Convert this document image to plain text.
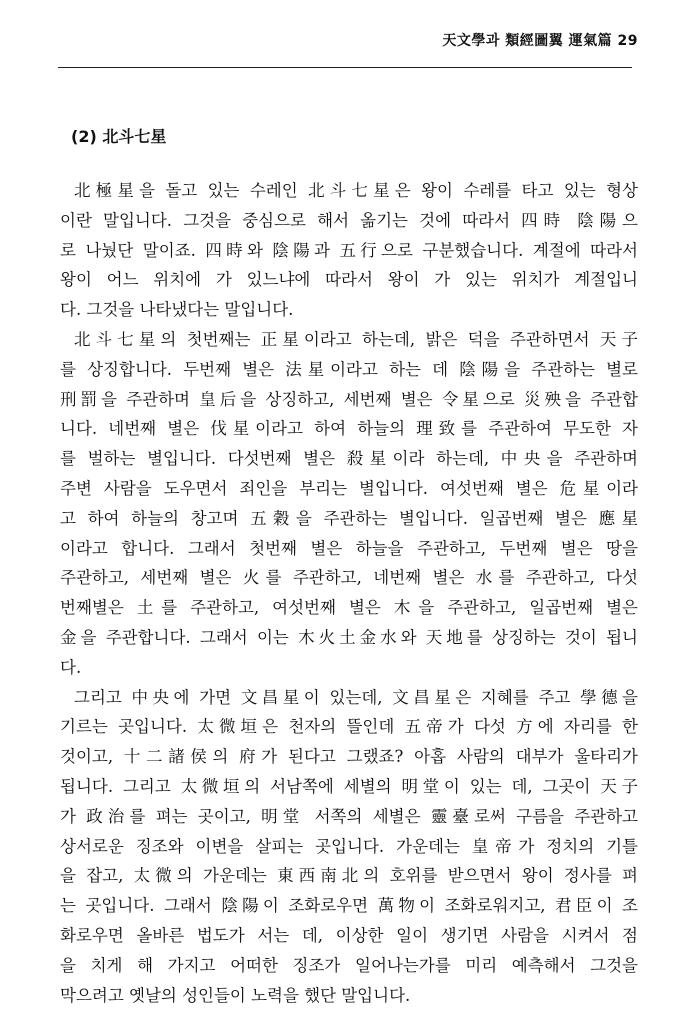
天文學과 類經圖翼 運氣篇 29
(2) 北斗七星
北極星을 돌고 있는 수레인 北斗七星은 왕이 수레를 타고 있는 형상
이란 말입니다. 그것을 중심으로 해서 옮기는 것에 따라서 四時 陰陽으
로 나눴단 말이죠. 四時와 陰陽과 五行으로 구분했습니다. 계절에 따라서
왕이 어느 위치에 가 있느냐에 따라서 왕이 가 있는 위치가 계절입니
다. 그것을 나타냈다는 말입니다.
北斗七星의 첫번째는 正星이라고 하는데, 밝은 덕을 주관하면서 天子
를 상징합니다. 두번째 별은 法星이라고 하는 데 陰陽을 주관하는 별로
刑罰을 주관하며 皇后을 상징하고, 세번째 별은 令星으로 災殃을 주관합
니다. 네번째 별은 伐星이라고 하여 하늘의 理致를 주관하여 무도한 자
를 벌하는 별입니다. 다섯번째 별은 殺星이라 하는데, 中央을 주관하며
주변 사람을 도우면서 죄인을 부리는 별입니다. 여섯번째 별은 危星이라
고 하여 하늘의 창고며 五穀을 주관하는 별입니다. 일곱번째 별은 應星
이라고 합니다. 그래서 첫번째 별은 하늘을 주관하고, 두번째 별은 땅을
주관하고, 세번째 별은 火를 주관하고, 네번째 별은 水를 주관하고, 다섯
번째별은 土를 주관하고, 여섯번째 별은 木을 주관하고, 일곱번째 별은
金을 주관합니다. 그래서 이는 木火土金水와 天地를 상징하는 것이 됩니
다.
그리고 中央에 가면 文昌星이 있는데, 文昌星은 지혜를 주고 學德을
기르는 곳입니다. 太微垣은 천자의 뜰인데 五帝가 다섯 方에 자리를 한
것이고, 十二諸侯의 府가 된다고 그랬죠? 아홉 사람의 대부가 울타리가
됩니다. 그리고 太微垣의 서남쪽에 세별의 明堂이 있는 데, 그곳이 天子
가 政治를 펴는 곳이고, 明堂 서쪽의 세별은 靈臺로써 구름을 주관하고
상서로운 징조와 이변을 살피는 곳입니다. 가운데는 皇帝가 정치의 기틀
을 잡고, 太微의 가운데는 東西南北의 호위를 받으면서 왕이 정사를 펴
는 곳입니다. 그래서 陰陽이 조화로우면 萬物이 조화로워지고, 君臣이 조
화로우면 올바른 법도가 서는 데, 이상한 일이 생기면 사람을 시켜서 점
을 치게 해 가지고 어떠한 징조가 일어나는가를 미리 예측해서 그것을
막으려고 옛날의 성인들이 노력을 했단 말입니다.
